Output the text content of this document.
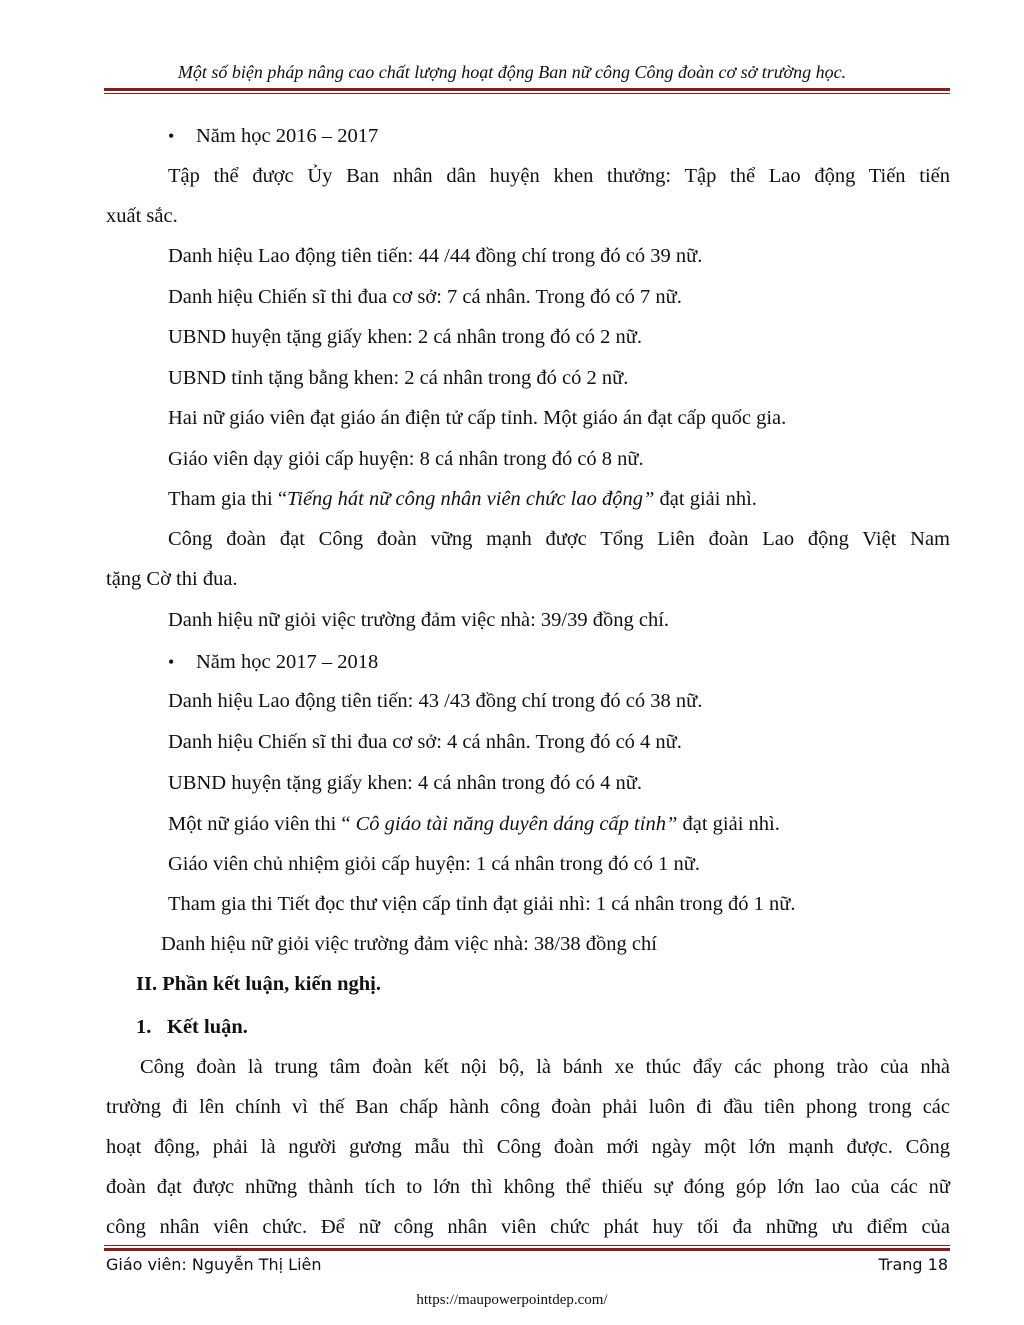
Một số biện pháp nâng cao chất lượng hoạt động Ban nữ công Công đoàn cơ sở trường học.
• Năm học 2016 – 2017
Tập thể được Ủy Ban nhân dân huyện khen thưởng: Tập thể Lao động Tiến tiến
xuất sắc.
Danh hiệu Lao động tiên tiến: 44 /44 đồng chí trong đó có 39 nữ.
Danh hiệu Chiến sĩ thi đua cơ sở: 7 cá nhân. Trong đó có 7 nữ.
UBND huyện tặng giấy khen: 2 cá nhân trong đó có 2 nữ.
UBND tỉnh tặng bằng khen: 2 cá nhân trong đó có 2 nữ.
Hai nữ giáo viên đạt giáo án điện tử cấp tỉnh. Một giáo án đạt cấp quốc gia.
Giáo viên dạy giỏi cấp huyện: 8 cá nhân trong đó có 8 nữ.
Tham gia thi “Tiếng hát nữ công nhân viên chức lao động” đạt giải nhì.
Công đoàn đạt Công đoàn vững mạnh được Tổng Liên đoàn Lao động Việt Nam
tặng Cờ thi đua.
Danh hiệu nữ giỏi việc trường đảm việc nhà: 39/39 đồng chí.
• Năm học 2017 – 2018
Danh hiệu Lao động tiên tiến: 43 /43 đồng chí trong đó có 38 nữ.
Danh hiệu Chiến sĩ thi đua cơ sở: 4 cá nhân. Trong đó có 4 nữ.
UBND huyện tặng giấy khen: 4 cá nhân trong đó có 4 nữ.
Một nữ giáo viên thi “ Cô giáo tài năng duyên dáng cấp tỉnh” đạt giải nhì.
Giáo viên chủ nhiệm giỏi cấp huyện: 1 cá nhân trong đó có 1 nữ.
Tham gia thi Tiết đọc thư viện cấp tỉnh đạt giải nhì: 1 cá nhân trong đó 1 nữ.
Danh hiệu nữ giỏi việc trường đảm việc nhà: 38/38 đồng chí
II. Phần kết luận, kiến nghị.
1. Kết luận.
Công đoàn là trung tâm đoàn kết nội bộ, là bánh xe thúc đẩy các phong trào của nhà
trường đi lên chính vì thế Ban chấp hành công đoàn phải luôn đi đầu tiên phong trong các
hoạt động, phải là người gương mẫu thì Công đoàn mới ngày một lớn mạnh được. Công
đoàn đạt được những thành tích to lớn thì không thể thiếu sự đóng góp lớn lao của các nữ
công nhân viên chức. Để nữ công nhân viên chức phát huy tối đa những ưu điểm của
Giáo viên: Nguyễn Thị Liên	Trang 18
https://maupowerpointdep.com/
